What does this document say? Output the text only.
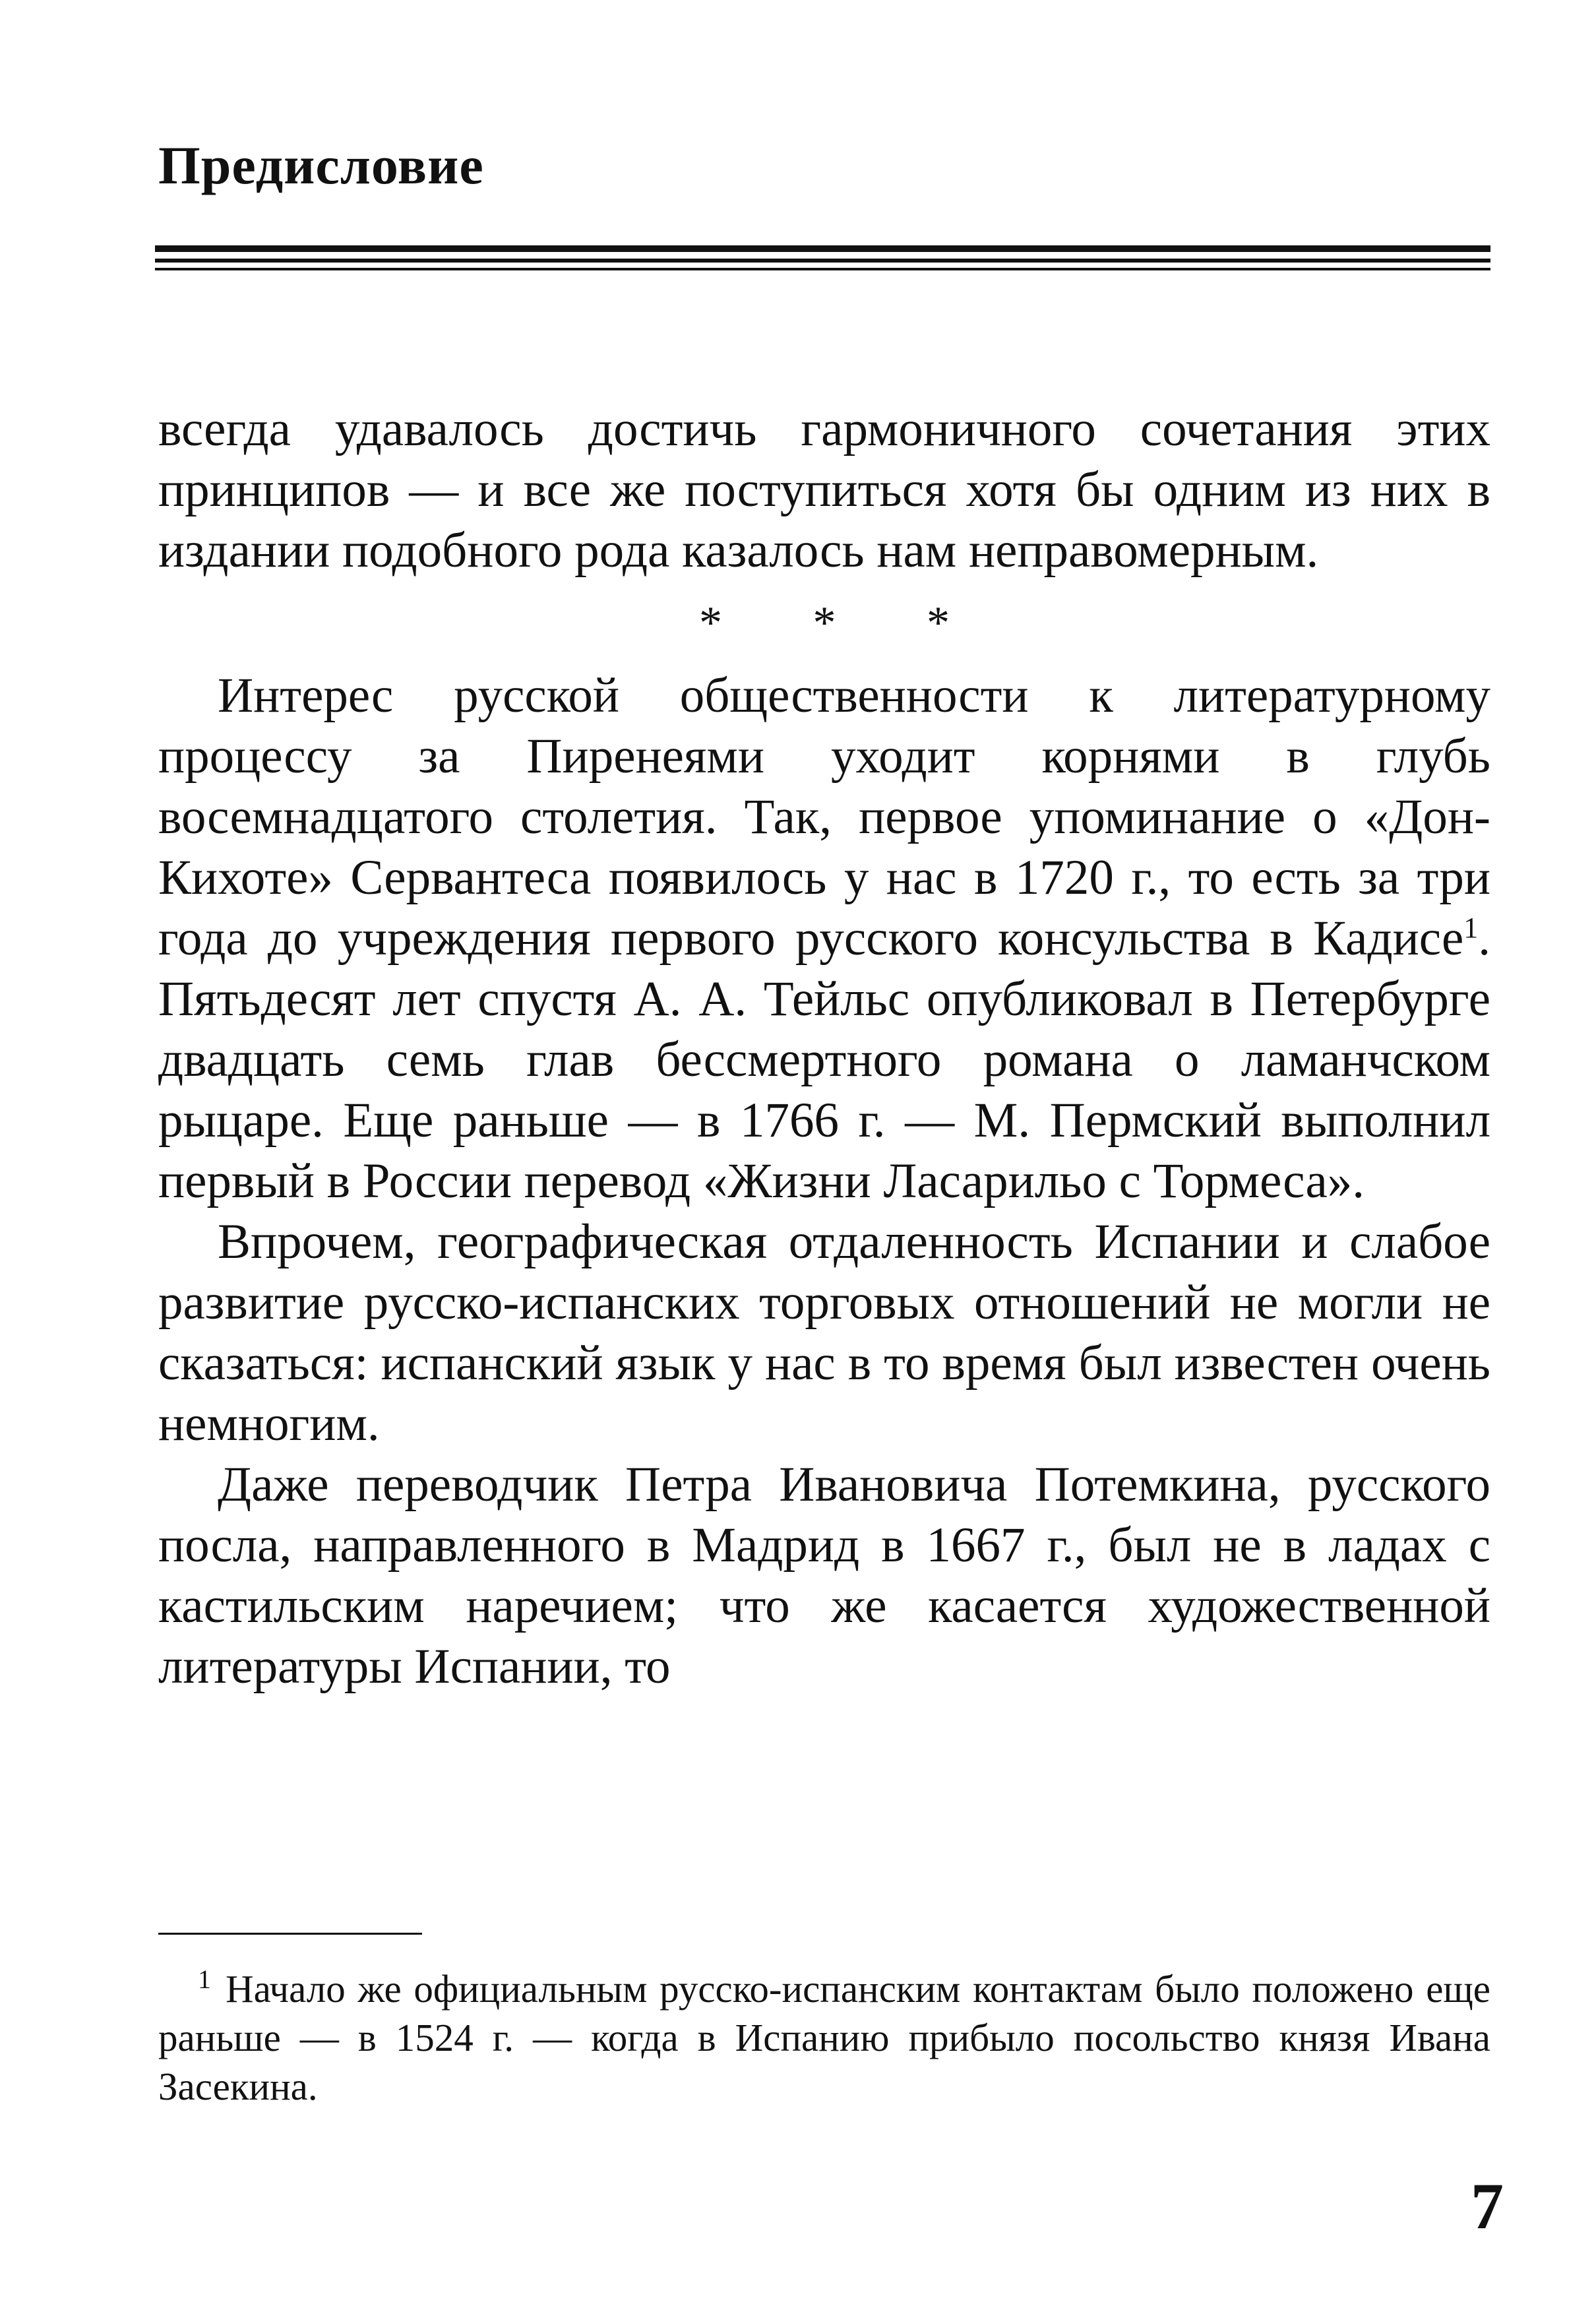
Предисловие

всегда удавалось достичь гармоничного сочетания этих принципов — и все же поступиться хотя бы одним из них в издании подобного рода казалось нам неправомерным.

* * *

Интерес русской общественности к литературному процессу за Пиренеями уходит корнями в глубь восемнадцатого столетия. Так, первое упоминание о «Дон-Кихоте» Сервантеса появилось у нас в 1720 г., то есть за три года до учреждения первого русского консульства в Кадисе$^1$. Пятьдесят лет спустя А. А. Тейльс опубликовал в Петербурге двадцать семь глав бессмертного романа о ламанчском рыцаре. Еще раньше — в 1766 г. — М. Пермский выполнил первый в России перевод «Жизни Ласарильо с Тормеса».

Впрочем, географическая отдаленность Испании и слабое развитие русско-испанских торговых отношений не могли не сказаться: испанский язык у нас в то время был известен очень немногим.

Даже переводчик Петра Ивановича Потемкина, русского посла, направленного в Мадрид в 1667 г., был не в ладах с кастильским наречием; что же касается художественной литературы Испании, то

$^1$ Начало же официальным русско-испанским контактам было положено еще раньше — в 1524 г. — когда в Испанию прибыло посольство князя Ивана Засекина.
7
